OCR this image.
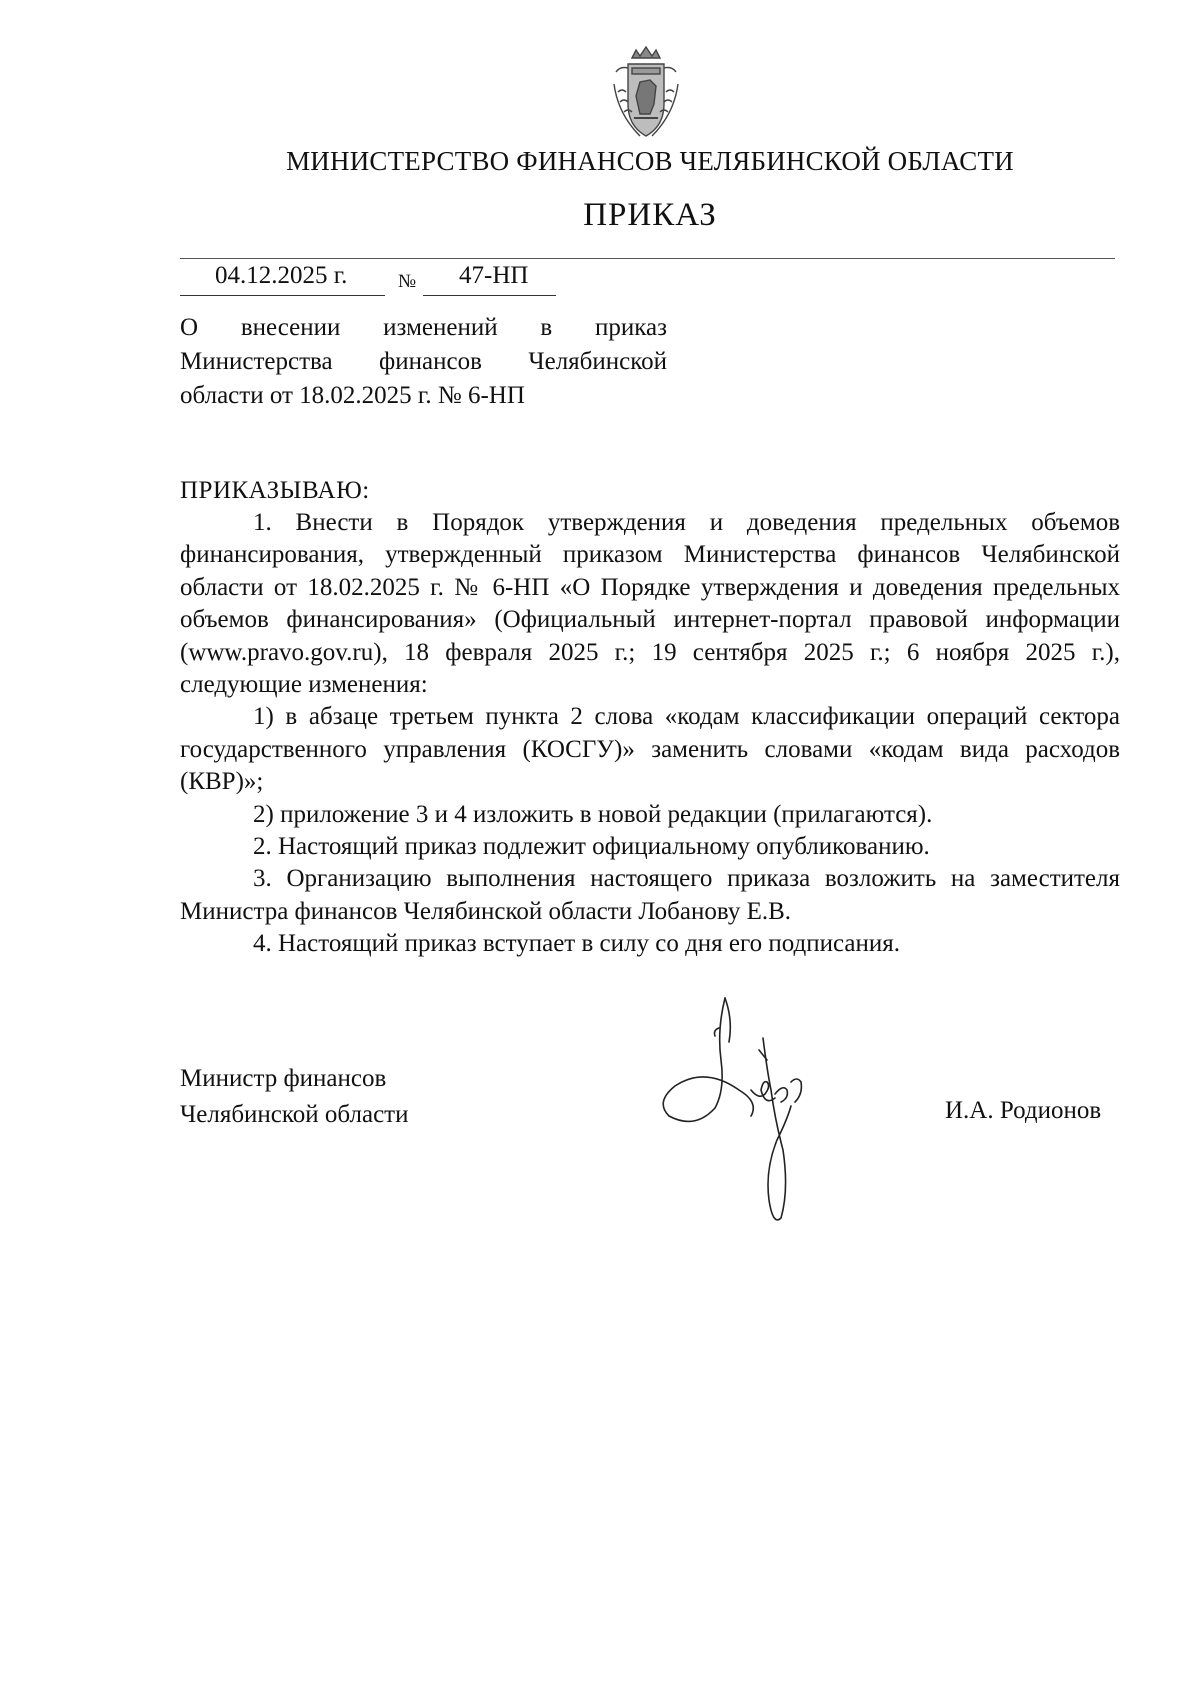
МИНИСТЕРСТВО ФИНАНСОВ ЧЕЛЯБИНСКОЙ ОБЛАСТИ
ПРИКАЗ
04.12.2025 г.	№ 47-НП
О внесении изменений в приказ
Министерства финансов Челябинской
области от 18.02.2025 г. № 6-НП
ПРИКАЗЫВАЮ:

1. Внести в Порядок утверждения и доведения предельных объемов финансирования, утвержденный приказом Министерства финансов Челябинской области от 18.02.2025 г. № 6-НП «О Порядке утверждения и доведения предельных объемов финансирования» (Официальный интернет-портал правовой информации (www.pravo.gov.ru), 18 февраля 2025 г.; 19 сентября 2025 г.; 6 ноября 2025 г.), следующие изменения:

1) в абзаце третьем пункта 2 слова «кодам классификации операций сектора государственного управления (КОСГУ)» заменить словами «кодам вида расходов (КВР)»;

2) приложение 3 и 4 изложить в новой редакции (прилагаются).

2. Настоящий приказ подлежит официальному опубликованию.

3. Организацию выполнения настоящего приказа возложить на заместителя Министра финансов Челябинской области Лобанову Е.В.

4. Настоящий приказ вступает в силу со дня его подписания.

Министр финансов
Челябинской области	И.А. Родионов
